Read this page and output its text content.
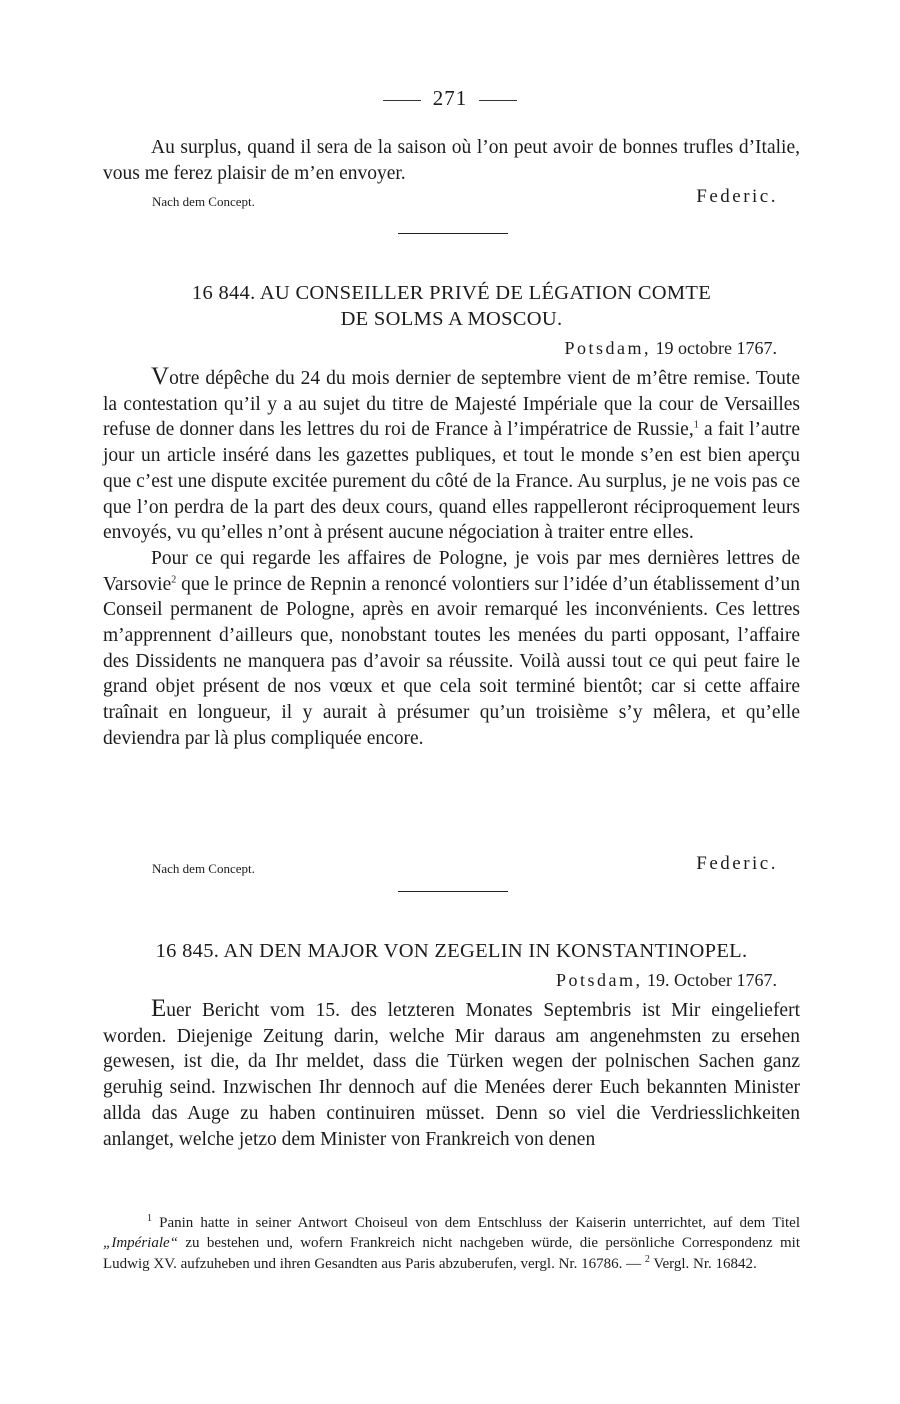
271

Au surplus, quand il sera de la saison où l’on peut avoir de bonnes trufles d’Italie, vous me ferez plaisir de m’en envoyer.

Nach dem Concept.	Federic.
16 844. AU CONSEILLER PRIVÉ DE LÉGATION COMTE
DE SOLMS A MOSCOU.
Potsdam, 19 octobre 1767.

Votre dépêche du 24 du mois dernier de septembre vient de m’être remise. Toute la contestation qu’il y a au sujet du titre de Majesté Impériale que la cour de Versailles refuse de donner dans les lettres du roi de France à l’impératrice de Russie,$^1$ a fait l’autre jour un article inséré dans les gazettes publiques, et tout le monde s’en est bien aperçu que c’est une dispute excitée purement du côté de la France. Au surplus, je ne vois pas ce que l’on perdra de la part des deux cours, quand elles rappelleront réciproquement leurs envoyés, vu qu’elles n’ont à présent aucune négociation à traiter entre elles.

Pour ce qui regarde les affaires de Pologne, je vois par mes dernières lettres de Varsovie$^2$ que le prince de Repnin a renoncé volontiers sur l’idée d’un établissement d’un Conseil permanent de Pologne, après en avoir remarqué les inconvénients. Ces lettres m’apprennent d’ailleurs que, nonobstant toutes les menées du parti opposant, l’affaire des Dissidents ne manquera pas d’avoir sa réussite. Voilà aussi tout ce qui peut faire le grand objet présent de nos vœux et que cela soit terminé bientôt; car si cette affaire traînait en longueur, il y aurait à présumer qu’un troisième s’y mêlera, et qu’elle deviendra par là plus compliquée encore.

Nach dem Concept.	Federic.
16 845. AN DEN MAJOR VON ZEGELIN IN KONSTANTINOPEL.
Potsdam, 19. October 1767.

Euer Bericht vom 15. des letzteren Monates Septembris ist Mir eingeliefert worden. Diejenige Zeitung darin, welche Mir daraus am angenehmsten zu ersehen gewesen, ist die, da Ihr meldet, dass die Türken wegen der polnischen Sachen ganz geruhig seind. Inzwischen Ihr dennoch auf die Menées derer Euch bekannten Minister allda das Auge zu haben continuiren müsset. Denn so viel die Verdriesslichkeiten anlanget, welche jetzo dem Minister von Frankreich von denen

$^1$ Panin hatte in seiner Antwort Choiseul von dem Entschluss der Kaiserin unterrichtet, auf dem Titel „Impériale“ zu bestehen und, wofern Frankreich nicht nachgeben würde, die persönliche Correspondenz mit Ludwig XV. aufzuheben und ihren Gesandten aus Paris abzuberufen, vergl. Nr. 16786. — $^2$ Vergl. Nr. 16842.
